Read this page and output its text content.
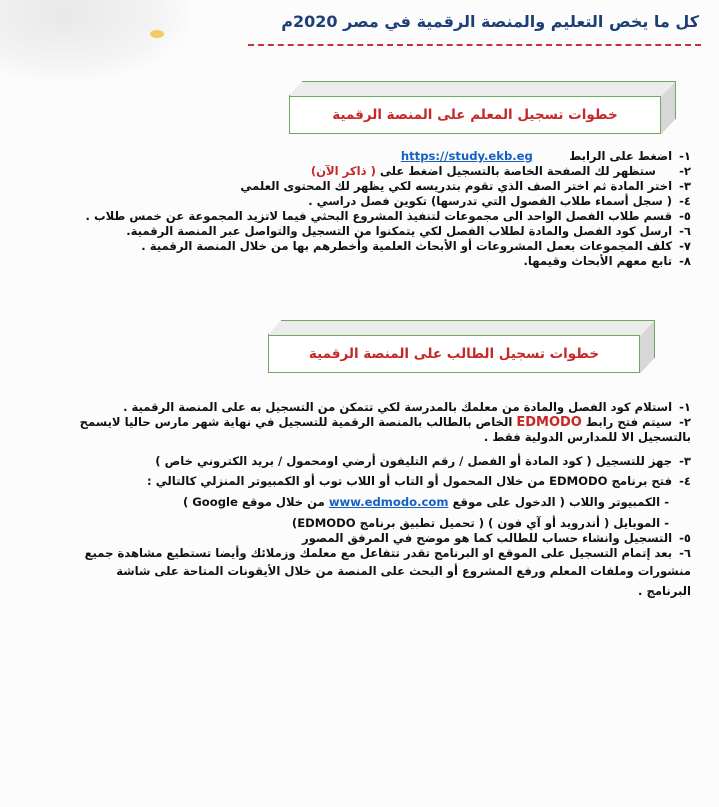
كل ما يخص التعليم والمنصة الرقمية في مصر 2020م
خطوات تسجيل المعلم على المنصة الرقمية
١- اضغط على الرابط         https://study.ekb.eg
٢-     ستظهر لك الصفحة الخاصة بالتسجيل اضغط على ( ذاكر الآن)
٣- اختر المادة ثم اختر الصف الذي تقوم بتدريسه لكي يظهر لك المحتوى العلمي
٤- ( سجل أسماء طلاب الفصول التي تدرسها) تكوين فصل دراسي .
٥- قسم طلاب الفصل الواحد الى مجموعات لتنفيذ المشروع البحثي فيما لاتزيد المجموعة عن خمس طلاب .
٦- ارسل كود الفصل والمادة لطلاب الفصل لكي يتمكنوا من التسجيل والتواصل عبر المنصة الرقمية.
٧- كلف المجموعات بعمل المشروعات أو الأبحاث العلمية وأخطرهم بها من خلال المنصة الرقمية .
٨- تابع معهم الأبحاث وقيمها.
خطوات تسجيل الطالب على المنصة الرقمية
١- استلام كود الفصل والمادة من معلمك بالمدرسة لكي تتمكن من التسجيل به على المنصة الرقمية .
٢- سيتم فتح رابط EDMODO الخاص بالطالب بالمنصة الرقمية للتسجيل في نهاية شهر مارس حاليا لايسمح
بالتسجيل الا للمدارس الدولية فقط .
٣- جهز للتسجيل ( كود المادة أو الفصل / رقم التليفون أرضي اومحمول / بريد الكتروني خاص )
٤- فتح برنامج EDMODO من خلال المحمول أو التاب أو اللاب توب أو الكمبيوتر المنزلي كالتالي :
- الكمبيوتر واللاب ( الدخول على موقع www.edmodo.com من خلال موقع Google )
- الموبايل ( أندرويد أو آي فون ) ( تحميل تطبيق برنامج EDMODO)
٥- التسجيل وانشاء حساب للطالب كما هو موضح في المرفق المصور
٦- بعد إتمام التسجيل على الموقع او البرنامج تقدر تتفاعل مع معلمك وزملائك وأيضا تستطيع مشاهدة جميع
منشورات وملفات المعلم ورفع المشروع أو البحث على المنصة من خلال الأيقونات المتاحة على شاشة
البرنامج .
